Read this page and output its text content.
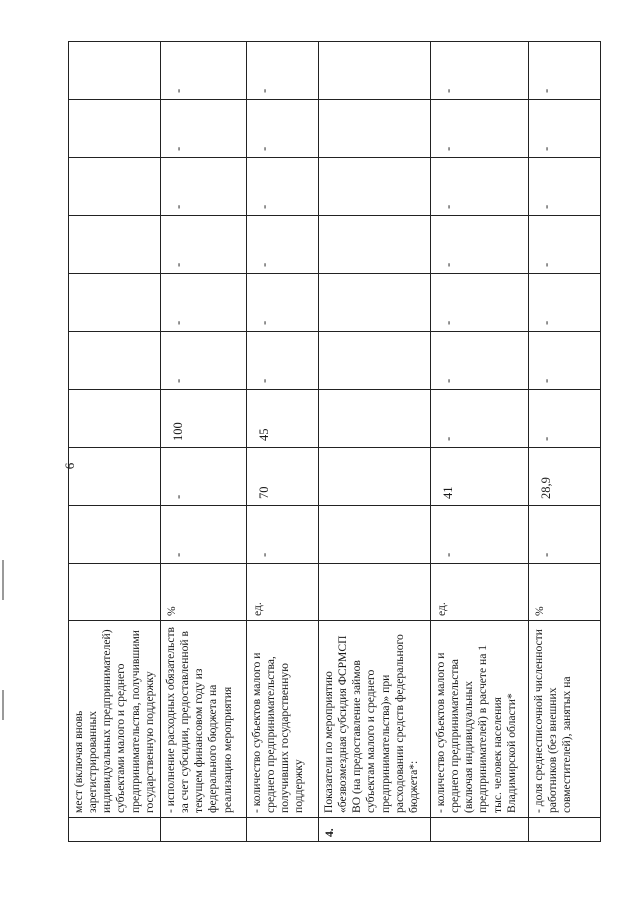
6
	мест (включая вновь зарегистрированных индивидуальных предпринимателей) субъектами малого и среднего предпринимательства, получившими государственную поддержку										
	- исполнение расходных обязательств за счет субсидии, предоставленной в текущем финансовом году из федерального бюджета на реализацию мероприятия	%	-	-	100	-	-	-	-	-	-
	- количество субъектов малого и среднего предпринимательства, получивших государственную поддержку	ед.	-	70	45	-	-	-	-	-	-
4.	Показатели по мероприятию «безвозмездная субсидия ФСРМСП ВО (на предоставление займов субъектам малого и среднего предпринимательства)» при расходовании средств федерального бюджета*:										
	- количество субъектов малого и среднего предпринимательства (включая индивидуальных предпринимателей) в расчете на 1 тыс. человек населения Владимирской области*	ед.	-	41	-	-	-	-	-	-	-
	- доля среднесписочной численности работников (без внешних совместителей), занятых на	%	-	28,9	-	-	-	-	-	-	-
